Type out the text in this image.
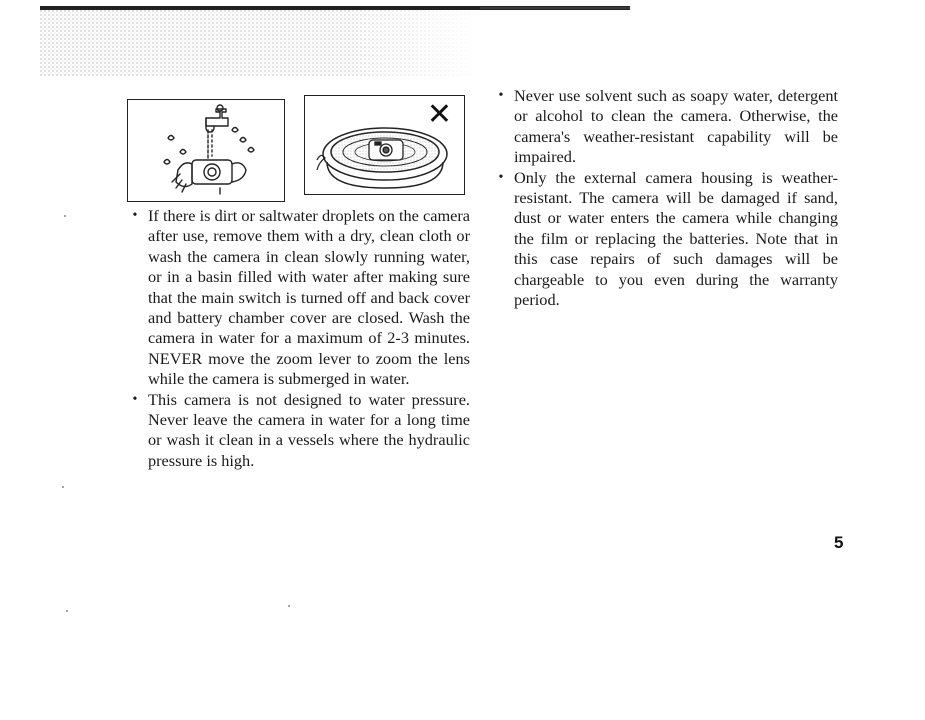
✕
• If there is dirt or saltwater droplets on the camera after use, remove them with a dry, clean cloth or wash the camera in clean slowly running water, or in a basin filled with water after making sure that the main switch is turned off and back cover and battery chamber cover are closed. Wash the camera in water for a maximum of 2-3 minutes. NEVER move the zoom lever to zoom the lens while the camera is submerged in water.
• This camera is not designed to water pressure. Never leave the camera in water for a long time or wash it clean in a vessels where the hydraulic pressure is high.
• Never use solvent such as soapy water, detergent or alcohol to clean the camera. Otherwise, the camera's weather-resistant capability will be impaired.
• Only the external camera housing is weather-resistant. The camera will be damaged if sand, dust or water enters the camera while changing the film or replacing the batteries. Note that in this case repairs of such damages will be chargeable to you even during the warranty period.
5
